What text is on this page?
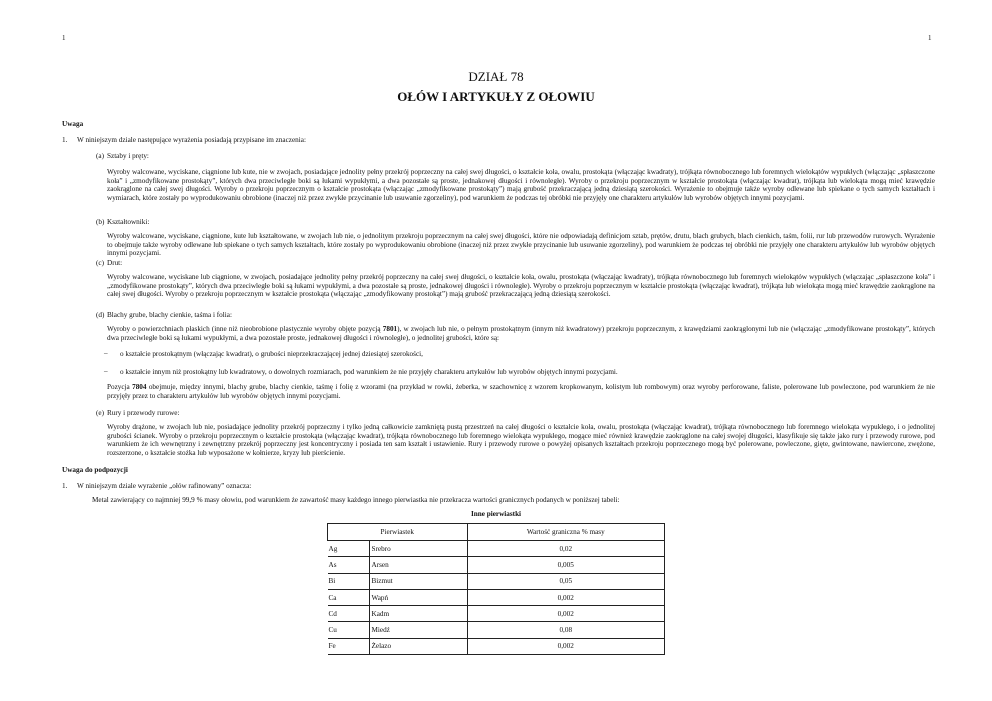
1	1
DZIAŁ 78
OŁÓW I ARTYKUŁY Z OŁOWIU
Uwaga
1. W niniejszym dziale następujące wyrażenia posiadają przypisane im znaczenia:
(a) Sztaby i pręty:

Wyroby walcowane, wyciskane, ciągnione lub kute, nie w zwojach, posiadające jednolity pełny przekrój poprzeczny na całej swej długości, o kształcie koła, owalu, prostokąta (włączając kwadraty), trójkąta równobocznego lub foremnych wielokątów wypukłych (włączając „spłaszczone koła” i „zmodyfikowane prostokąty”, których dwa przeciwległe boki są łukami wypukłymi, a dwa pozostałe są proste, jednakowej długości i równoległe). Wyroby o przekroju poprzecznym w kształcie prostokąta (włączając kwadrat), trójkąta lub wielokąta mogą mieć krawędzie zaokrąglone na całej swej długości. Wyroby o przekroju poprzecznym o kształcie prostokąta (włączając „zmodyfikowane prostokąty”) mają grubość przekraczającą jedną dziesiątą szerokości. Wyrażenie to obejmuje także wyroby odlewane lub spiekane o tych samych kształtach i wymiarach, które zostały po wyprodukowaniu obrobione (inaczej niż przez zwykłe przycinanie lub usuwanie zgorzeliny), pod warunkiem że podczas tej obróbki nie przyjęły one charakteru artykułów lub wyrobów objętych innymi pozycjami.

(b) Kształtowniki:

Wyroby walcowane, wyciskane, ciągnione, kute lub kształtowane, w zwojach lub nie, o jednolitym przekroju poprzecznym na całej swej długości, które nie odpowiadają definicjom sztab, prętów, drutu, blach grubych, blach cienkich, taśm, folii, rur lub przewodów rurowych. Wyrażenie to obejmuje także wyroby odlewane lub spiekane o tych samych kształtach, które zostały po wyprodukowaniu obrobione (inaczej niż przez zwykłe przycinanie lub usuwanie zgorzeliny), pod warunkiem że podczas tej obróbki nie przyjęły one charakteru artykułów lub wyrobów objętych innymi pozycjami.

(c) Drut:

Wyroby walcowane, wyciskane lub ciągnione, w zwojach, posiadające jednolity pełny przekrój poprzeczny na całej swej długości, o kształcie koła, owalu, prostokąta (włączając kwadraty), trójkąta równobocznego lub foremnych wielokątów wypukłych (włączając „spłaszczone koła” i „zmodyfikowane prostokąty”, których dwa przeciwległe boki są łukami wypukłymi, a dwa pozostałe są proste, jednakowej długości i równoległe). Wyroby o przekroju poprzecznym w kształcie prostokąta (włączając kwadrat), trójkąta lub wielokąta mogą mieć krawędzie zaokrąglone na całej swej długości. Wyroby o przekroju poprzecznym w kształcie prostokąta (włączając „zmodyfikowany prostokąt”) mają grubość przekraczającą jedną dziesiątą szerokości.

(d) Blachy grube, blachy cienkie, taśma i folia:

Wyroby o powierzchniach płaskich (inne niż nieobrobione plastycznie wyroby objęte pozycją 7801), w zwojach lub nie, o pełnym prostokątnym (innym niż kwadratowy) przekroju poprzecznym, z krawędziami zaokrąglonymi lub nie (włączając „zmodyfikowane prostokąty”, których dwa przeciwległe boki są łukami wypukłymi, a dwa pozostałe proste, jednakowej długości i równoległe), o jednolitej grubości, które są:

– o kształcie prostokątnym (włączając kwadrat), o grubości nieprzekraczającej jednej dziesiątej szerokości,
– o kształcie innym niż prostokątny lub kwadratowy, o dowolnych rozmiarach, pod warunkiem że nie przyjęły charakteru artykułów lub wyrobów objętych innymi pozycjami.

Pozycja 7804 obejmuje, między innymi, blachy grube, blachy cienkie, taśmę i folię z wzorami (na przykład w rowki, żeberka, w szachownicę z wzorem kropkowanym, kolistym lub rombowym) oraz wyroby perforowane, faliste, polerowane lub powleczone, pod warunkiem że nie przyjęły przez to charakteru artykułów lub wyrobów objętych innymi pozycjami.

(e) Rury i przewody rurowe:

Wyroby drążone, w zwojach lub nie, posiadające jednolity przekrój poprzeczny i tylko jedną całkowicie zamkniętą pustą przestrzeń na całej długości o kształcie koła, owalu, prostokąta (włączając kwadrat), trójkąta równobocznego lub foremnego wielokąta wypukłego, i o jednolitej grubości ścianek. Wyroby o przekroju poprzecznym o kształcie prostokąta (włączając kwadrat), trójkąta równobocznego lub foremnego wielokąta wypukłego, mogące mieć również krawędzie zaokrąglone na całej swojej długości, klasyfikuje się także jako rury i przewody rurowe, pod warunkiem że ich wewnętrzny i zewnętrzny przekrój poprzeczny jest koncentryczny i posiada ten sam kształt i ustawienie. Rury i przewody rurowe o powyżej opisanych kształtach przekroju poprzecznego mogą być polerowane, powleczone, gięte, gwintowane, nawiercone, zwężone, rozszerzone, o kształcie stożka lub wyposażone w kołnierze, kryzy lub pierścienie.

Uwaga do podpozycji
1. W niniejszym dziale wyrażenie „ołów rafinowany” oznacza:
Metal zawierający co najmniej 99,9 % masy ołowiu, pod warunkiem że zawartość masy każdego innego pierwiastka nie przekracza wartości granicznych podanych w poniższej tabeli:
Inne pierwiastki
Pierwiastek		Wartość graniczna % masy
Ag	Srebro	0,02
As	Arsen	0,005
Bi	Bizmut	0,05
Ca	Wapń	0,002
Cd	Kadm	0,002
Cu	Miedź	0,08
Fe	Żelazo	0,002
